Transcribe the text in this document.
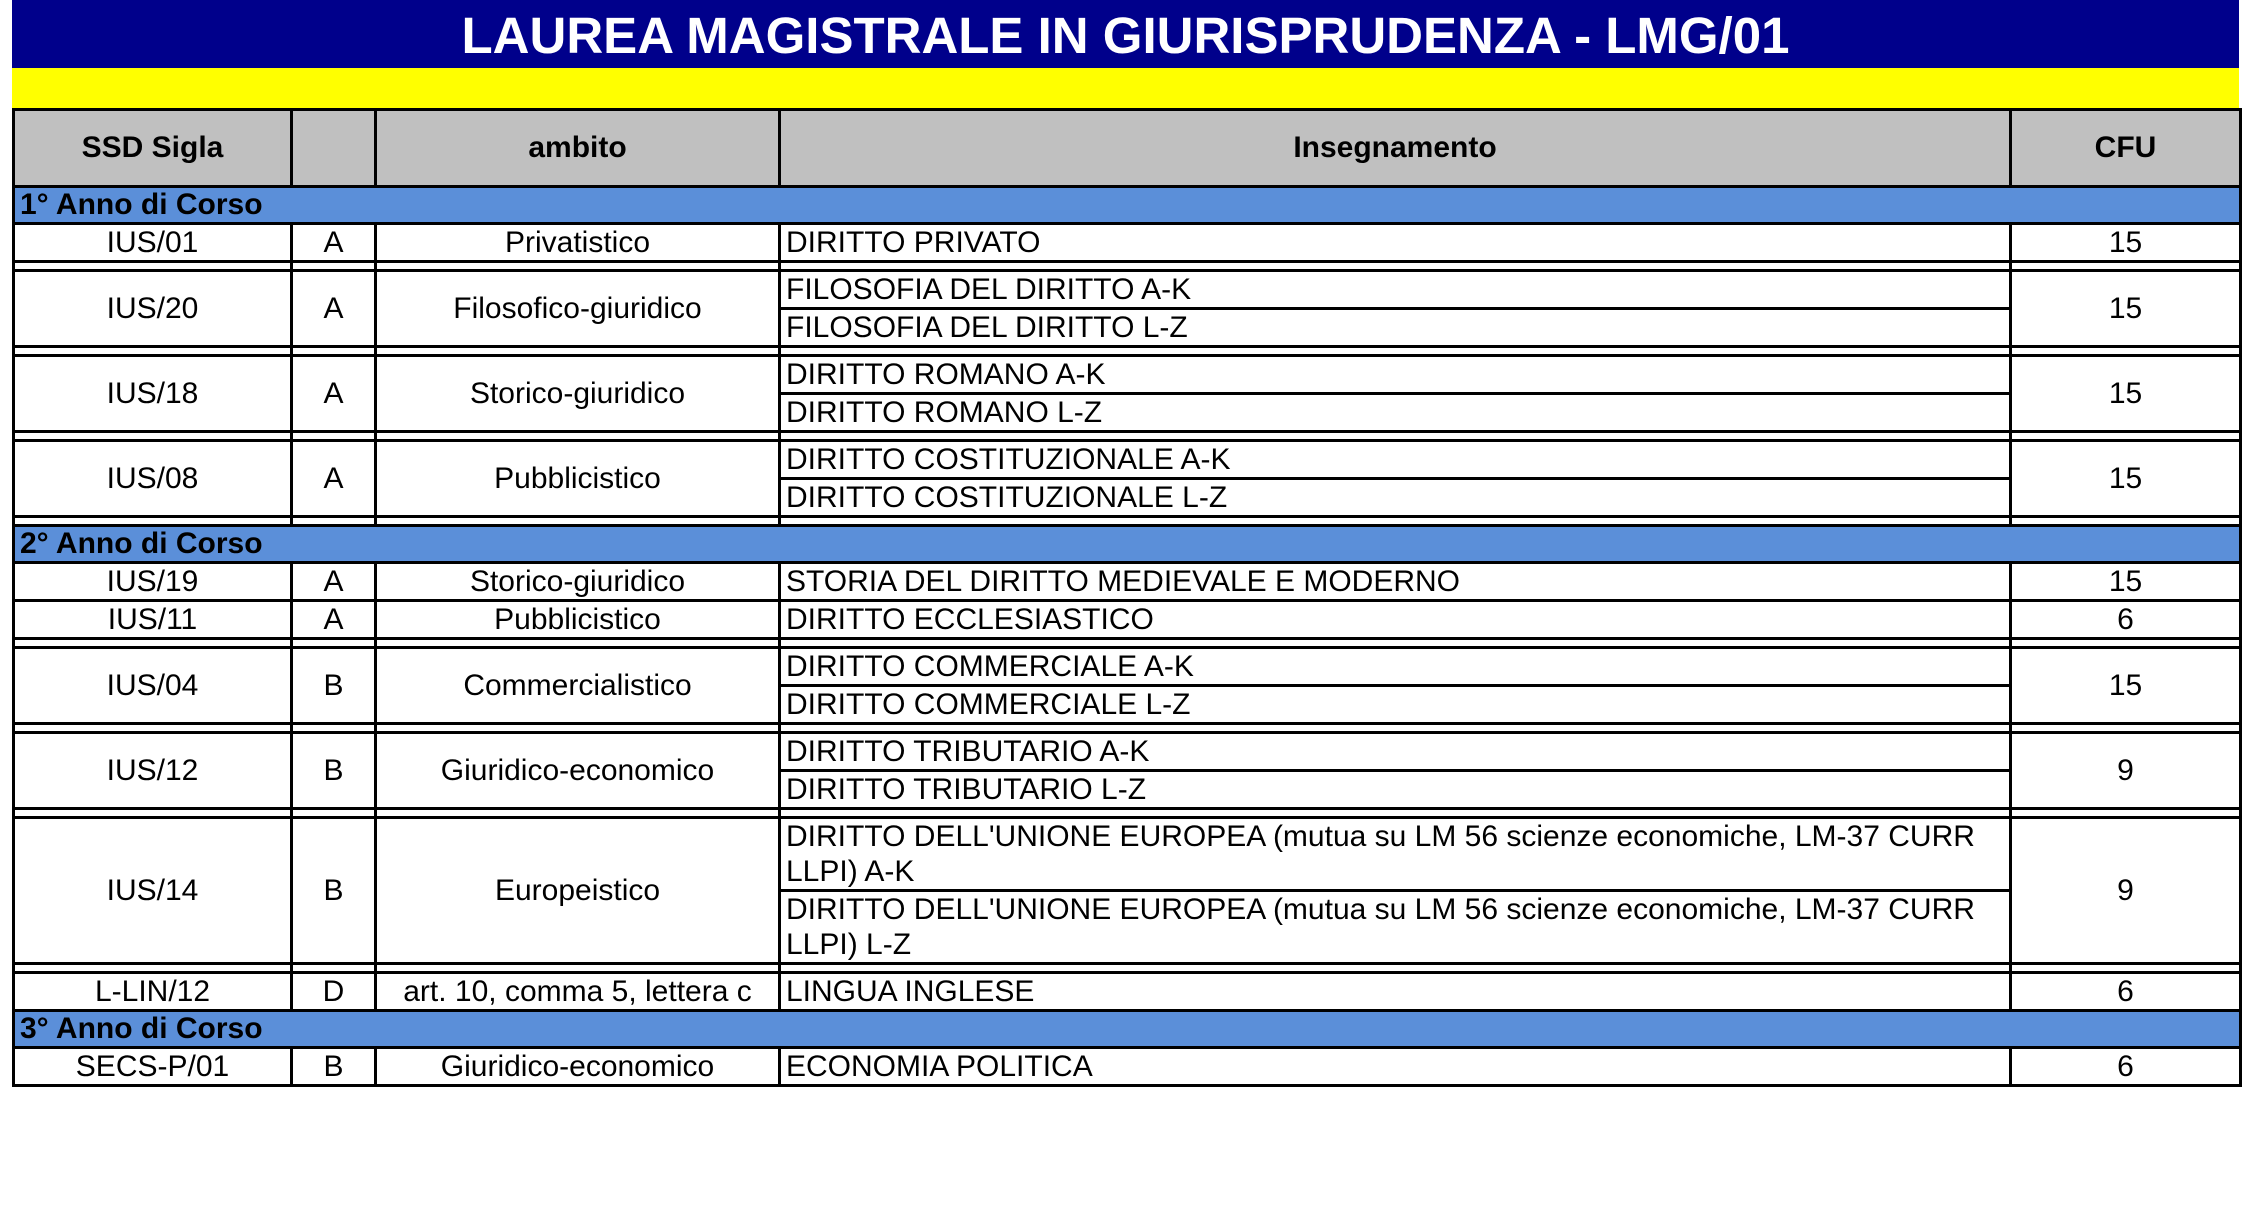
LAUREA MAGISTRALE IN GIURISPRUDENZA - LMG/01
SSD Sigla		ambito	Insegnamento	CFU
1° Anno di Corso				
IUS/01	A	Privatistico	DIRITTO PRIVATO	15

IUS/20	A	Filosofico-giuridico	FILOSOFIA DEL DIRITTO A-K	15
			FILOSOFIA DEL DIRITTO L-Z	

IUS/18	A	Storico-giuridico	DIRITTO ROMANO A-K	15
			DIRITTO ROMANO L-Z	

IUS/08	A	Pubblicistico	DIRITTO COSTITUZIONALE A-K	15
			DIRITTO COSTITUZIONALE L-Z	

2° Anno di Corso				
IUS/19	A	Storico-giuridico	STORIA DEL DIRITTO MEDIEVALE E MODERNO	15
IUS/11	A	Pubblicistico	DIRITTO ECCLESIASTICO	6

IUS/04	B	Commercialistico	DIRITTO COMMERCIALE A-K	15
			DIRITTO COMMERCIALE L-Z	

IUS/12	B	Giuridico-economico	DIRITTO TRIBUTARIO A-K	9
			DIRITTO TRIBUTARIO L-Z	

IUS/14	B	Europeistico	DIRITTO DELL'UNIONE EUROPEA (mutua su LM 56 scienze economiche, LM-37 CURR LLPI) A-K	9
			DIRITTO DELL'UNIONE EUROPEA (mutua su LM 56 scienze economiche, LM-37 CURR LLPI) L-Z	

L-LIN/12	D	art. 10, comma 5, lettera c	LINGUA INGLESE	6
3° Anno di Corso				
SECS-P/01	B	Giuridico-economico	ECONOMIA POLITICA	6
